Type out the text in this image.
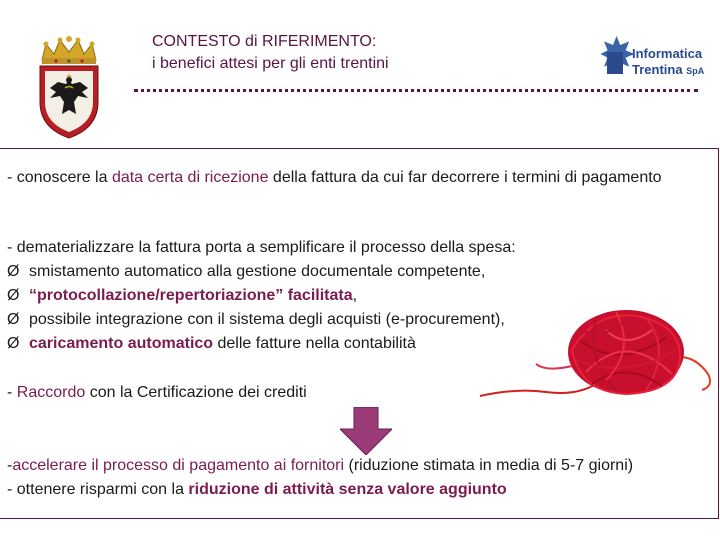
CONTESTO di RIFERIMENTO:
i benefici attesi per gli enti trentini
Informatica
Trentina SpA
- conoscere la data certa di ricezione della fattura da cui far decorrere i termini di pagamento
- dematerializzare la fattura porta a semplificare il processo della spesa:
Ø smistamento automatico alla gestione documentale competente,
Ø “protocollazione/repertoriazione” facilitata,
Ø possibile integrazione con il sistema degli acquisti (e-procurement),
Ø caricamento automatico delle fatture nella contabilità
- Raccordo con la Certificazione dei crediti
-accelerare il processo di pagamento ai fornitori (riduzione stimata in media di 5-7 giorni)
- ottenere risparmi con la riduzione di attività senza valore aggiunto
